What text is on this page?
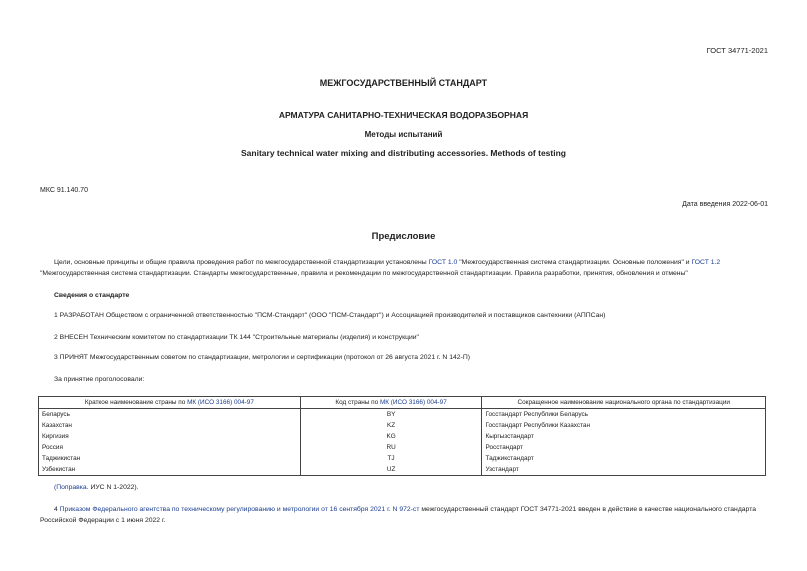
ГОСТ 34771-2021
МЕЖГОСУДАРСТВЕННЫЙ СТАНДАРТ
АРМАТУРА САНИТАРНО-ТЕХНИЧЕСКАЯ ВОДОРАЗБОРНАЯ
Методы испытаний
Sanitary technical water mixing and distributing accessories. Methods of testing
МКС 91.140.70
Дата введения 2022-06-01
Предисловие
Цели, основные принципы и общие правила проведения работ по межгосударственной стандартизации установлены ГОСТ 1.0 "Межгосударственная система стандартизации. Основные положения" и ГОСТ 1.2 "Межгосударственная система стандартизации. Стандарты межгосударственные, правила и рекомендации по межгосударственной стандартизации. Правила разработки, принятия, обновления и отмены"
Сведения о стандарте
1 РАЗРАБОТАН Обществом с ограниченной ответственностью "ПСМ-Стандарт" (ООО "ПСМ-Стандарт") и Ассоциацией производителей и поставщиков сантехники (АППСан)
2 ВНЕСЕН Техническим комитетом по стандартизации ТК 144 "Строительные материалы (изделия) и конструкции"
3 ПРИНЯТ Межгосударственным советом по стандартизации, метрологии и сертификации (протокол от 26 августа 2021 г. N 142-П)
За принятие проголосовали:
Краткое наименование страны по МК (ИСО 3166) 004-97	Код страны по МК (ИСО 3166) 004-97	Сокращенное наименование национального органа по стандартизации
Беларусь	BY	Госстандарт Республики Беларусь
Казахстан	KZ	Госстандарт Республики Казахстан
Киргизия	KG	Кыргызстандарт
Россия	RU	Росстандарт
Таджикистан	TJ	Таджикстандарт
Узбекистан	UZ	Узстандарт
(Поправка. ИУС N 1-2022).
4 Приказом Федерального агентства по техническому регулированию и метрологии от 16 сентября 2021 г. N 972-ст межгосударственный стандарт ГОСТ 34771-2021 введен в действие в качестве национального стандарта Российской Федерации с 1 июня 2022 г.
